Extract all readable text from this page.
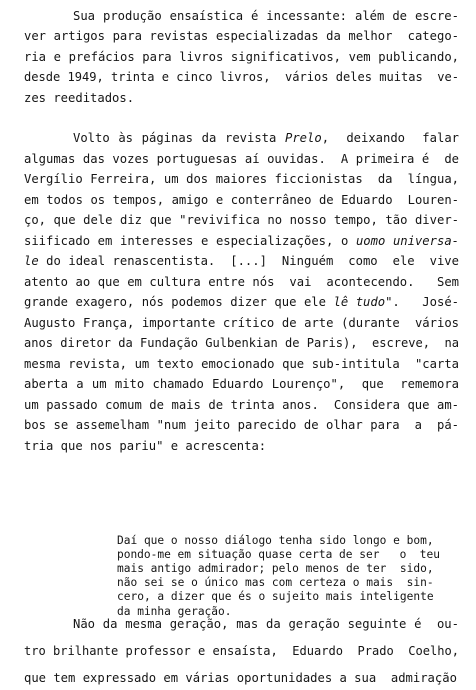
Sua produção ensaística é incessante: além de escre-
ver artigos para revistas especializadas da melhor  catego-
ria e prefácios para livros significativos, vem publicando,
desde 1949, trinta e cinco livros,  vários deles muitas  ve-
zes reeditados.
Volto às páginas da revista Prelo,  deixando  falar
algumas das vozes portuguesas aí ouvidas.  A primeira é  de
Vergílio Ferreira, um dos maiores ficcionistas  da  língua,
em todos os tempos, amigo e conterrâneo de Eduardo  Louren-
ço, que dele diz que "revivifica no nosso tempo, tão diver-
siificado em interesses e especializações, o uomo universa-
le do ideal renascentista.  [...]  Ninguém  como  ele  vive
atento ao que em cultura entre nós  vai  acontecendo.   Sem
grande exagero, nós podemos dizer que ele lê tudo".   José-
Augusto França, importante crítico de arte (durante  vários
anos diretor da Fundação Gulbenkian de Paris),  escreve,  na
mesma revista, um texto emocionado que sub-intitula  "carta
aberta a um mito chamado Eduardo Lourenço",  que  rememora
um passado comum de mais de trinta anos.  Considera que am-
bos se assemelham "num jeito parecido de olhar para  a  pá-
tria que nos pariu" e acrescenta:
Daí que o nosso diálogo tenha sido longo e bom,
pondo-me em situação quase certa de ser   o  teu
mais antigo admirador; pelo menos de ter  sido,
não sei se o único mas com certeza o mais  sin-
cero, a dizer que és o sujeito mais inteligente
da minha geração.
Não da mesma geração, mas da geração seguinte é  ou-
tro brilhante professor e ensaísta,  Eduardo  Prado  Coelho,
que tem expressado em várias oportunidades a sua  admiração
